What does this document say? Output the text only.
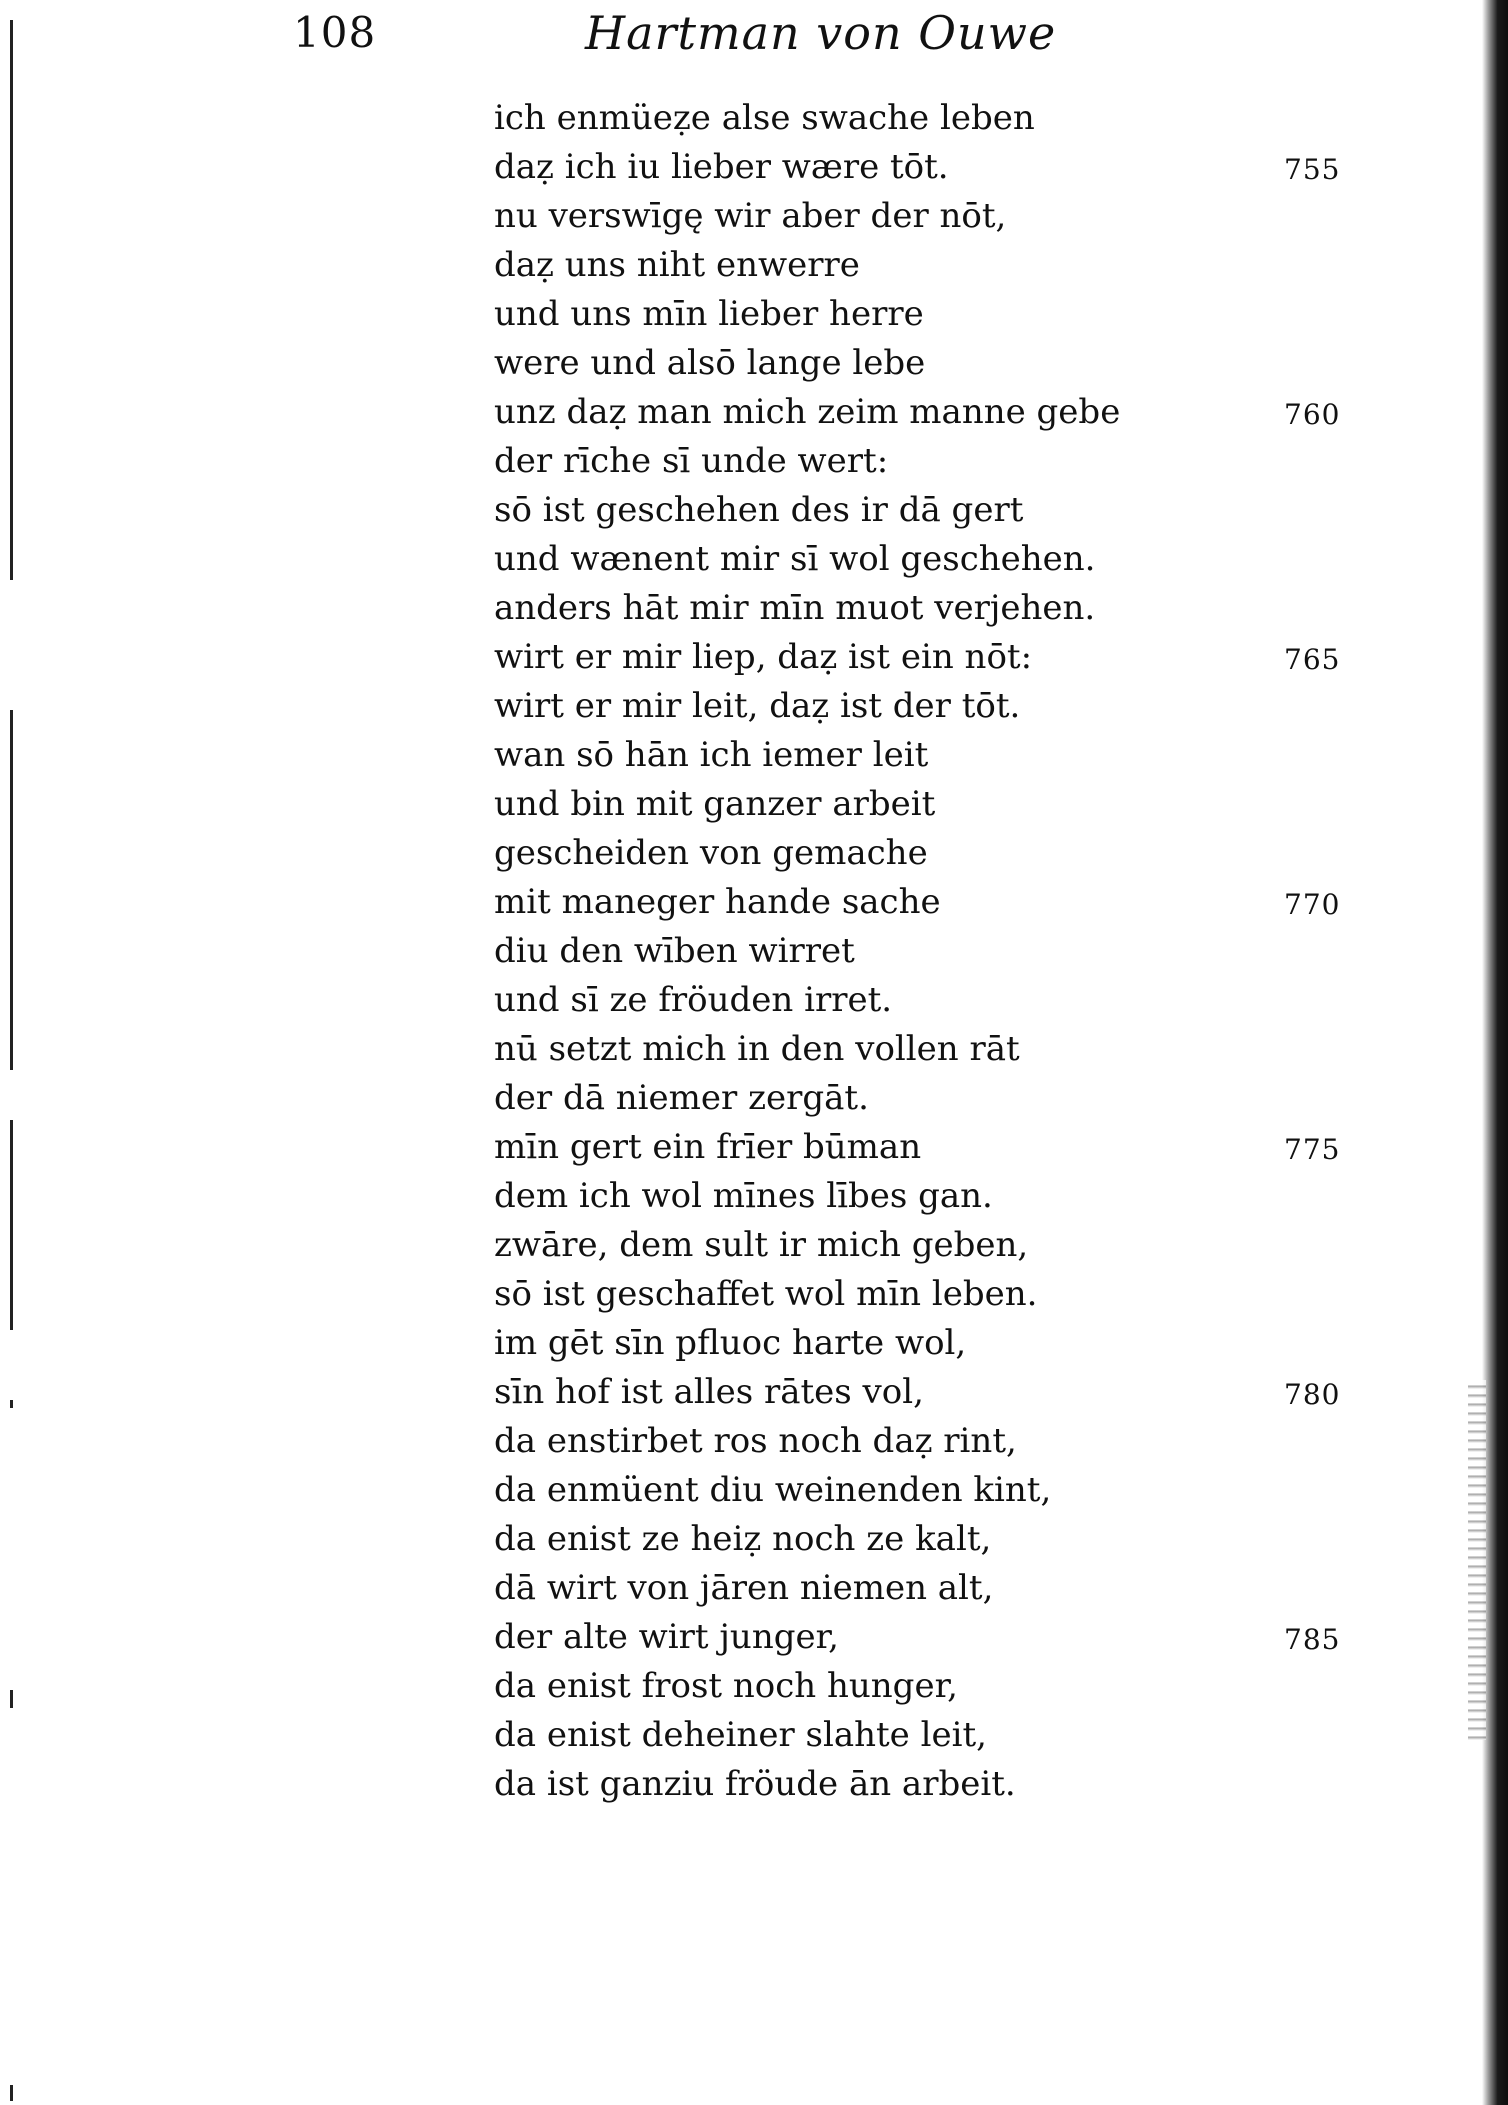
108	Hartman von Ouwe
ich enmüeẓe alse swache leben
daẓ ich iu lieber wære tōt.	755
nu verswīgę wir aber der nōt,
daẓ uns niht enwerre
und uns mīn lieber herre
were und alsō lange lebe
unz daẓ man mich zeim manne gebe	760
der rīche sī unde wert:
sō ist geschehen des ir dā gert
und wænent mir sī wol geschehen.
anders hāt mir mīn muot verjehen.
wirt er mir liep, daẓ ist ein nōt:	765
wirt er mir leit, daẓ ist der tōt.
wan sō hān ich iemer leit
und bin mit ganzer arbeit
gescheiden von gemache
mit maneger hande sache	770
diu den wīben wirret
und sī ze fröuden irret.
nū setzt mich in den vollen rāt
der dā niemer zergāt.
mīn gert ein frīer būman	775
dem ich wol mīnes lībes gan.
zwāre, dem sult ir mich geben,
sō ist geschaffet wol mīn leben.
im gēt sīn pfluoc harte wol,
sīn hof ist alles rātes vol,	780
da enstirbet ros noch daẓ rint,
da enmüent diu weinenden kint,
da enist ze heiẓ noch ze kalt,
dā wirt von jāren niemen alt,
der alte wirt junger,	785
da enist frost noch hunger,
da enist deheiner slahte leit,
da ist ganziu fröude ān arbeit.
